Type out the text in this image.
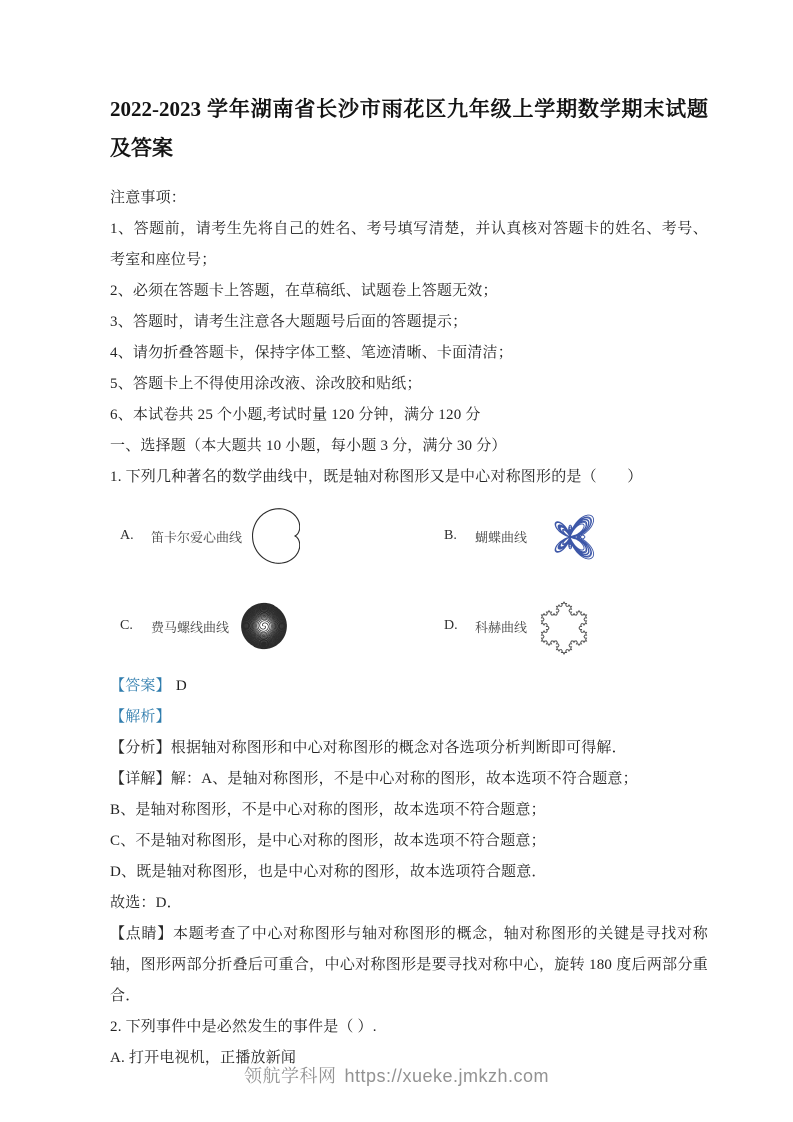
2022-2023 学年湖南省长沙市雨花区九年级上学期数学期末试题及答案

注意事项：

1、答题前，请考生先将自己的姓名、考号填写清楚，并认真核对答题卡的姓名、考号、考室和座位号；

2、必须在答题卡上答题，在草稿纸、试题卷上答题无效；

3、答题时，请考生注意各大题题号后面的答题提示；

4、请勿折叠答题卡，保持字体工整、笔迹清晰、卡面清洁；

5、答题卡上不得使用涂改液、涂改胶和贴纸；

6、本试卷共 25 个小题,考试时量 120 分钟，满分 120 分

一、选择题（本大题共 10 小题，每小题 3 分，满分 30 分）

1. 下列几种著名的数学曲线中，既是轴对称图形又是中心对称图形的是（　　）

A.	笛卡尔爱心曲线	B.	蝴蝶曲线
C.	费马螺线曲线	D.	科赫曲线

【答案】 D

【解析】

【分析】根据轴对称图形和中心对称图形的概念对各选项分析判断即可得解．

【详解】解：A、是轴对称图形，不是中心对称的图形，故本选项不符合题意；

B、是轴对称图形，不是中心对称的图形，故本选项不符合题意；

C、不是轴对称图形，是中心对称的图形，故本选项不符合题意；

D、既是轴对称图形，也是中心对称的图形，故本选项符合题意．

故选：D．

【点睛】本题考查了中心对称图形与轴对称图形的概念，轴对称图形的关键是寻找对称轴，图形两部分折叠后可重合，中心对称图形是要寻找对称中心，旋转 180 度后两部分重合．

2. 下列事件中是必然发生的事件是（ ）.

A. 打开电视机，正播放新闻

领航学科网 https://xueke.jmkzh.com
